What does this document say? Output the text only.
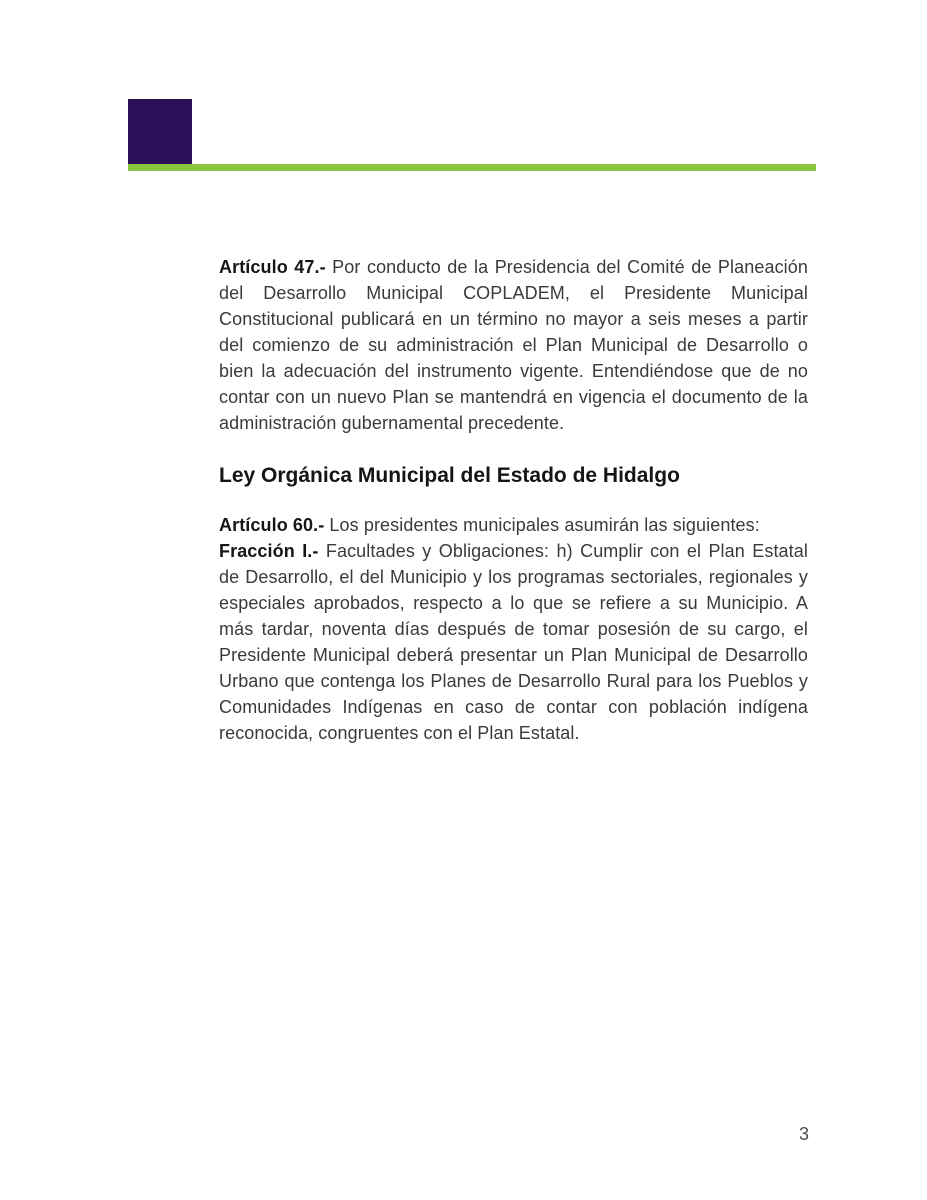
Artículo 47.- Por conducto de la Presidencia del Comité de Planeación del Desarrollo Municipal COPLADEM, el Presidente Municipal Constitucional publicará en un término no mayor a seis meses a partir del comienzo de su administración el Plan Municipal de Desarrollo o bien la adecuación del instrumento vigente. Entendiéndose que de no contar con un nuevo Plan se mantendrá en vigencia el documento de la administración gubernamental precedente.

Ley Orgánica Municipal del Estado de Hidalgo

Artículo 60.- Los presidentes municipales asumirán las siguientes:

Fracción I.- Facultades y Obligaciones: h) Cumplir con el Plan Estatal de Desarrollo, el del Municipio y los programas sectoriales, regionales y especiales aprobados, respecto a lo que se refiere a su Municipio. A más tardar, noventa días después de tomar posesión de su cargo, el Presidente Municipal deberá presentar un Plan Municipal de Desarrollo Urbano que contenga los Planes de Desarrollo Rural para los Pueblos y Comunidades Indígenas en caso de contar con población indígena reconocida, congruentes con el Plan Estatal.

3
